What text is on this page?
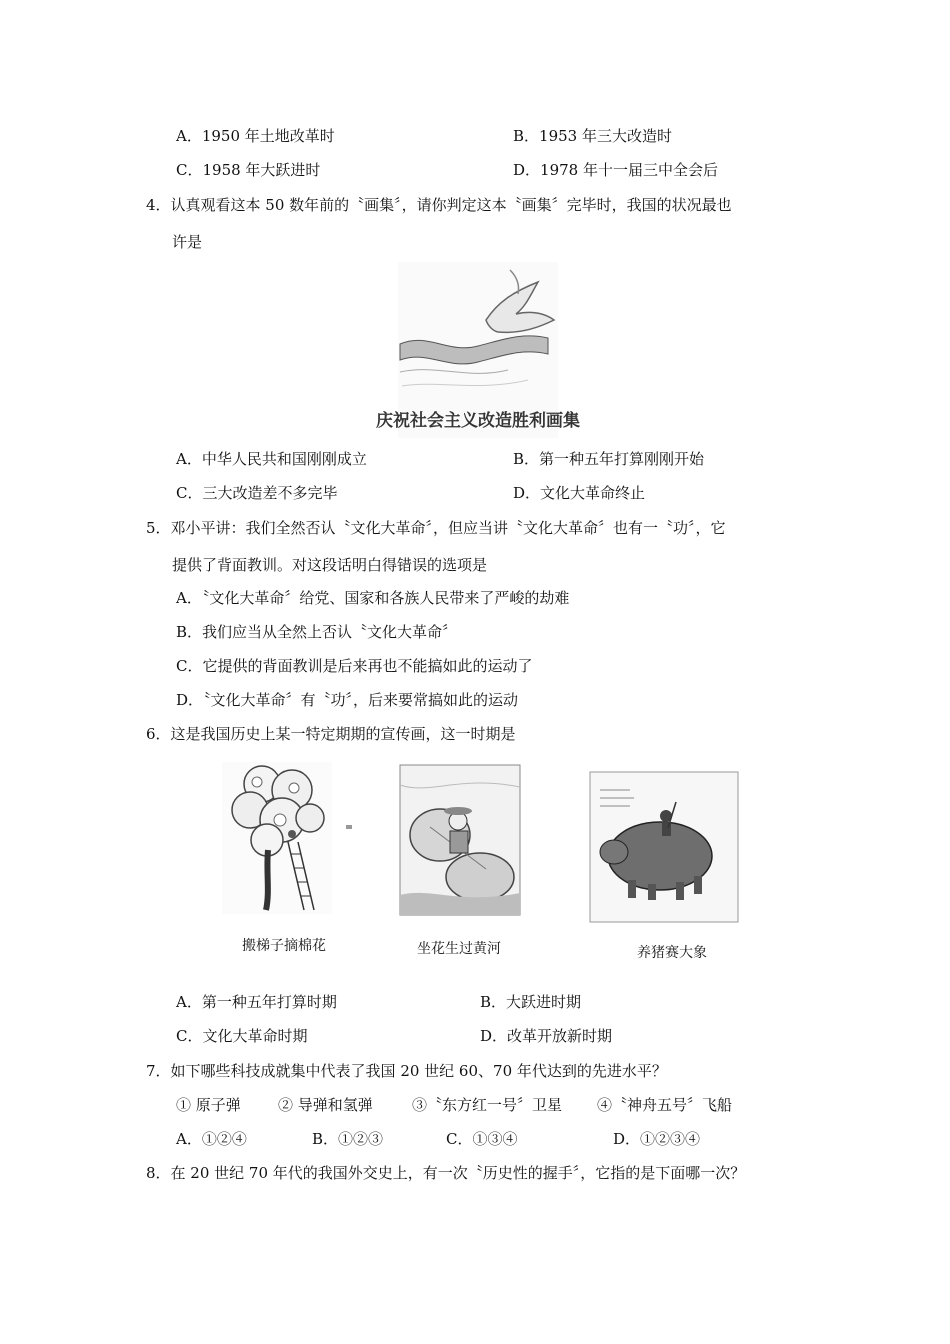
A．1950 年土地改革时	B．1953 年三大改造时
C．1958 年大跃进时	D．1978 年十一届三中全会后
4．认真观看这本 50 数年前的〝画集〞，请你判定这本〝画集〞完毕时，我国的状况最也
许是
庆祝社会主义改造胜利画集
A．中华人民共和国刚刚成立	B．第一种五年打算刚刚开始
C．三大改造差不多完毕	D．文化大革命终止
5．邓小平讲：我们全然否认〝文化大革命〞，但应当讲〝文化大革命〞也有一〝功〞，它
提供了背面教训。对这段话明白得错误的选项是
A．〝文化大革命〞给党、国家和各族人民带来了严峻的劫难
B．我们应当从全然上否认〝文化大革命〞
C．它提供的背面教训是后来再也不能搞如此的运动了
D．〝文化大革命〞有〝功〞，后来要常搞如此的运动
6．这是我国历史上某一特定期期的宣传画，这一时期是
搬梯子摘棉花	坐花生过黄河	养猪赛大象
A．第一种五年打算时期	B．大跃进时期
C．文化大革命时期	D．改革开放新时期
7．如下哪些科技成就集中代表了我国 20 世纪 60、70 年代达到的先进水平？
① 原子弹 ② 导弹和氢弹	③〝东方红一号〞卫星 ④〝神舟五号〞飞船
A．①②④	B．①②③	C．①③④	D．①②③④
8．在 20 世纪 70 年代的我国外交史上，有一次〝历史性的握手〞，它指的是下面哪一次？
